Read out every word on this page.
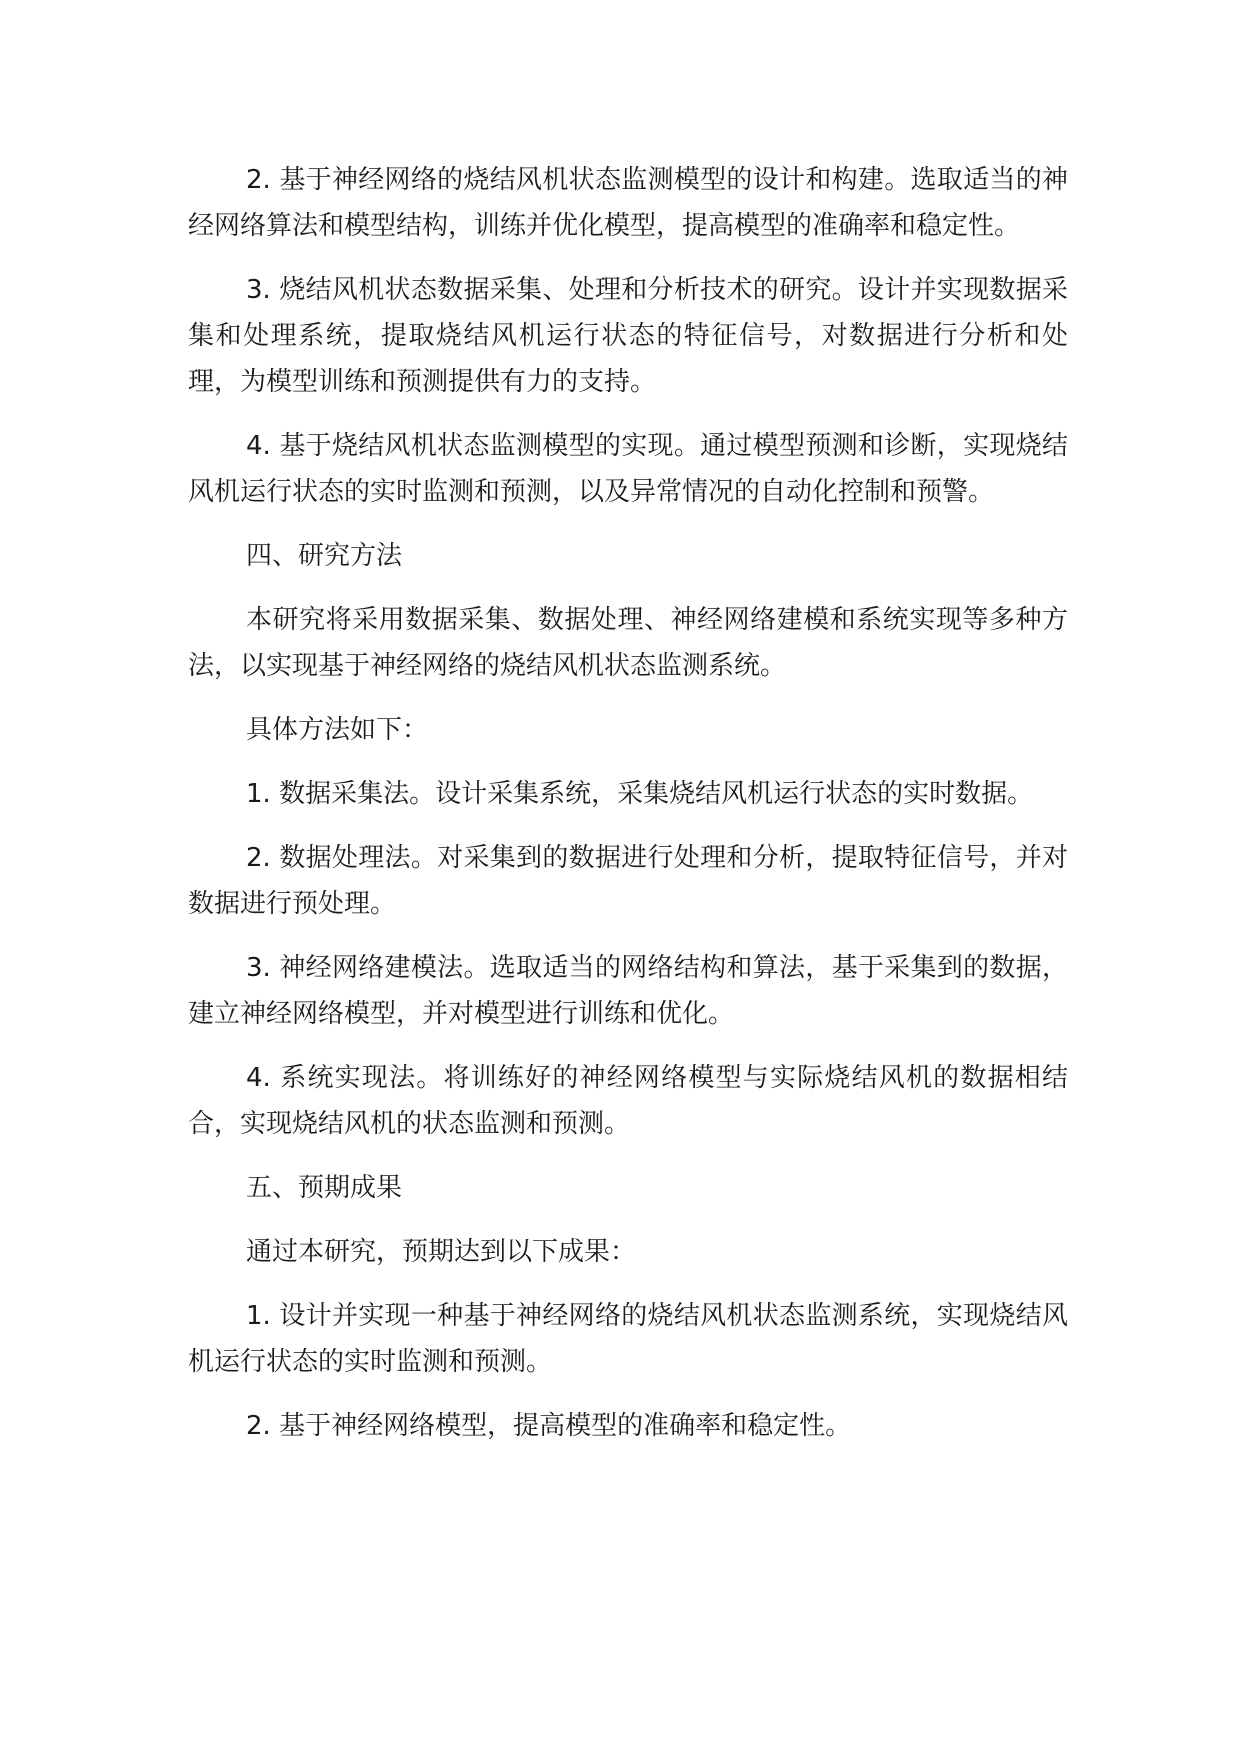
2. 基于神经网络的烧结风机状态监测模型的设计和构建。选取适当的神经网络算法和模型结构，训练并优化模型，提高模型的准确率和稳定性。

3. 烧结风机状态数据采集、处理和分析技术的研究。设计并实现数据采集和处理系统，提取烧结风机运行状态的特征信号，对数据进行分析和处理，为模型训练和预测提供有力的支持。

4. 基于烧结风机状态监测模型的实现。通过模型预测和诊断，实现烧结风机运行状态的实时监测和预测，以及异常情况的自动化控制和预警。

四、研究方法

本研究将采用数据采集、数据处理、神经网络建模和系统实现等多种方法，以实现基于神经网络的烧结风机状态监测系统。

具体方法如下：

1. 数据采集法。设计采集系统，采集烧结风机运行状态的实时数据。

2. 数据处理法。对采集到的数据进行处理和分析，提取特征信号，并对数据进行预处理。

3. 神经网络建模法。选取适当的网络结构和算法，基于采集到的数据，建立神经网络模型，并对模型进行训练和优化。

4. 系统实现法。将训练好的神经网络模型与实际烧结风机的数据相结合，实现烧结风机的状态监测和预测。

五、预期成果

通过本研究，预期达到以下成果：

1. 设计并实现一种基于神经网络的烧结风机状态监测系统，实现烧结风机运行状态的实时监测和预测。

2. 基于神经网络模型，提高模型的准确率和稳定性。
